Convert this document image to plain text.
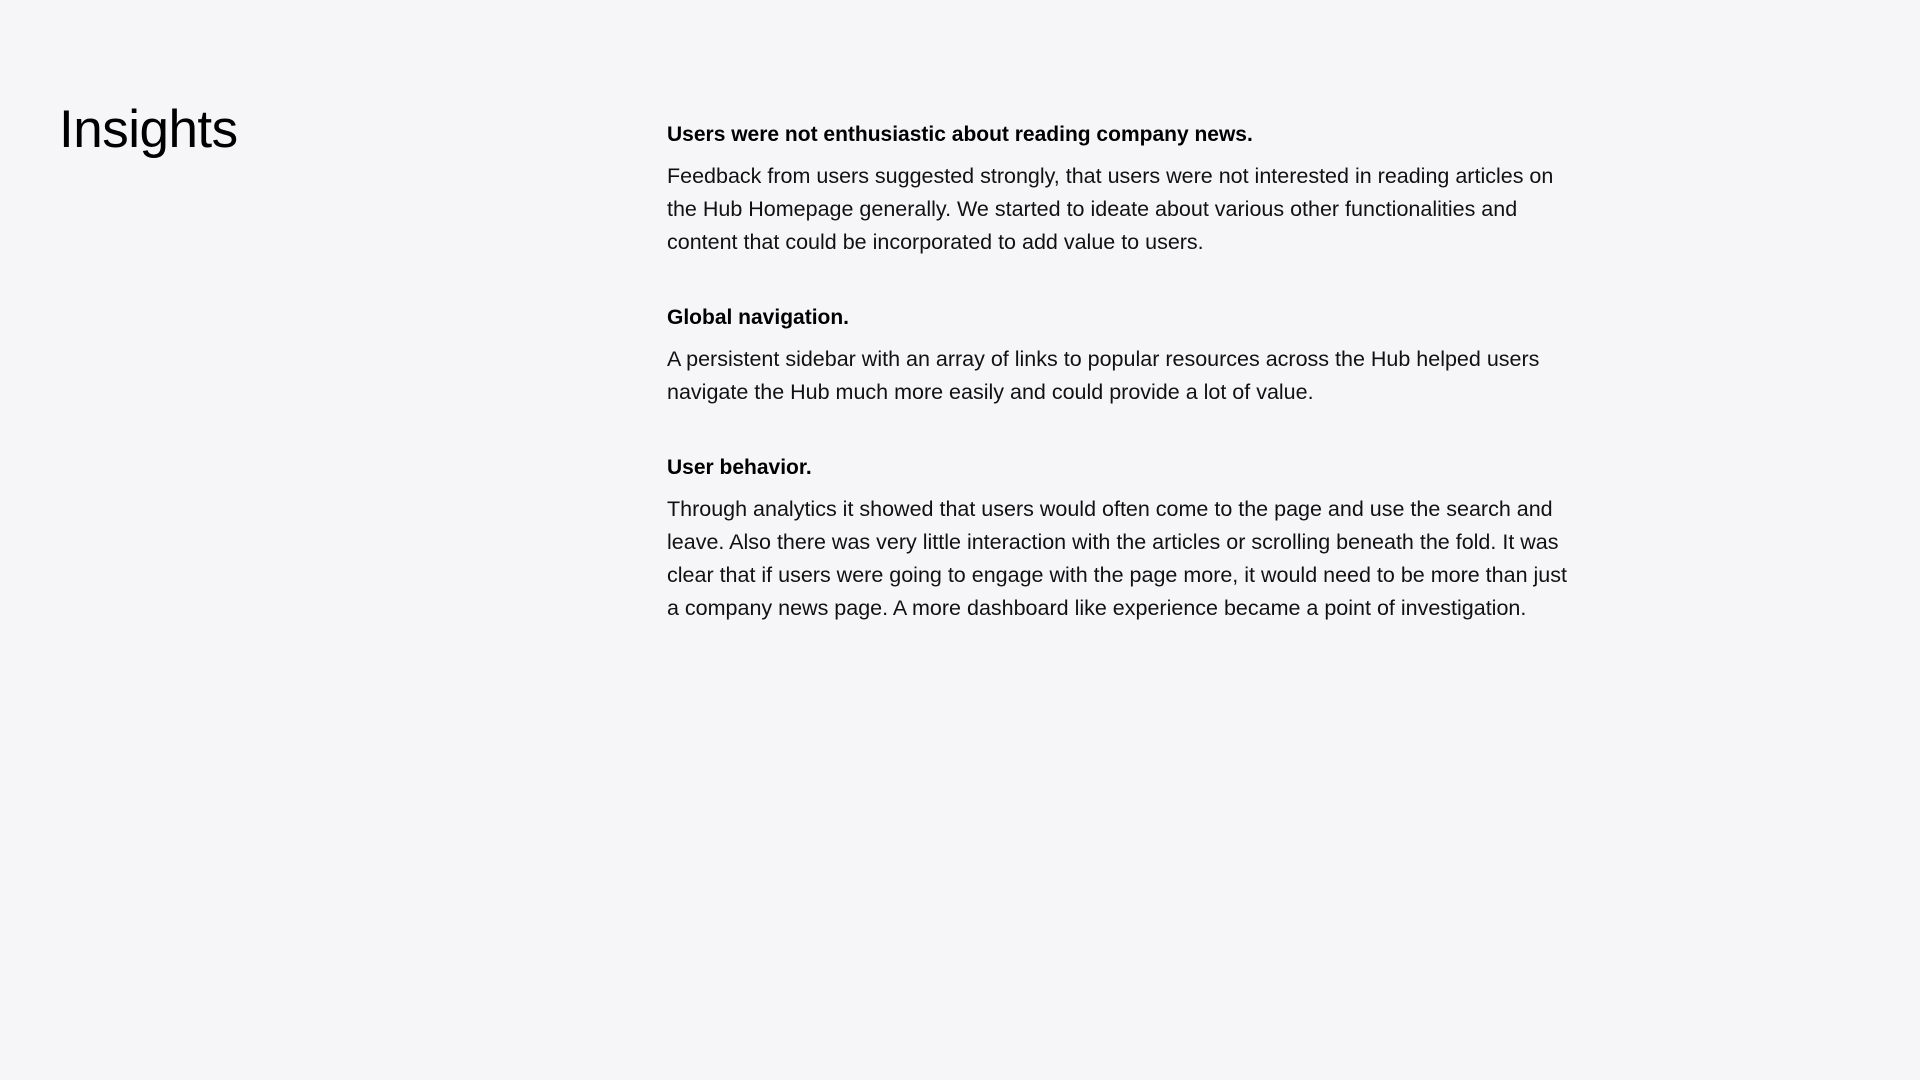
Insights	Users were not enthusiastic about reading company news.

Feedback from users suggested strongly, that users were not interested in reading articles on the Hub Homepage generally. We started to ideate about various other functionalities and content that could be incorporated to add value to users.

Global navigation.

A persistent sidebar with an array of links to popular resources across the Hub helped users navigate the Hub much more easily and could provide a lot of value.

User behavior.

Through analytics it showed that users would often come to the page and use the search and leave. Also there was very little interaction with the articles or scrolling beneath the fold. It was clear that if users were going to engage with the page more, it would need to be more than just a company news page. A more dashboard like experience became a point of investigation.
